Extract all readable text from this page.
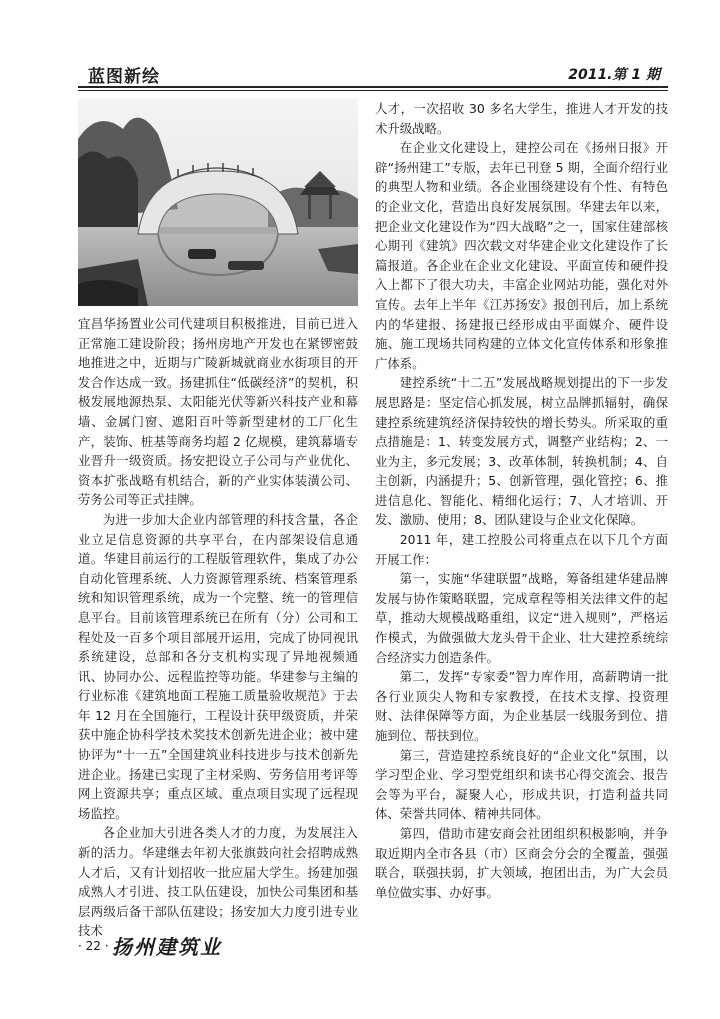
蓝图新绘	2011.第 1 期

宜昌华扬置业公司代建项目积极推进，目前已进入正常施工建设阶段；扬州房地产开发也在紧锣密鼓地推进之中，近期与广陵新城就商业水街项目的开发合作达成一致。扬建抓住“低碳经济”的契机，积极发展地源热泵、太阳能光伏等新兴科技产业和幕墙、金属门窗、遮阳百叶等新型建材的工厂化生产，装饰、桩基等商务均超 2 亿规模，建筑幕墙专业晋升一级资质。扬安把设立子公司与产业优化、资本扩张战略有机结合，新的产业实体装潢公司、劳务公司等正式挂牌。

为进一步加大企业内部管理的科技含量，各企业立足信息资源的共享平台，在内部架设信息通道。华建目前运行的工程版管理软件，集成了办公自动化管理系统、人力资源管理系统、档案管理系统和知识管理系统，成为一个完整、统一的管理信息平台。目前该管理系统已在所有（分）公司和工程处及一百多个项目部展开运用，完成了协同视讯系统建设，总部和各分支机构实现了异地视频通讯、协同办公、远程监控等功能。华建参与主编的行业标准《建筑地面工程施工质量验收规范》于去年 12 月在全国施行，工程设计获甲级资质，并荣获中施企协科学技术奖技术创新先进企业；被中建协评为“十一五”全国建筑业科技进步与技术创新先进企业。扬建已实现了主材采购、劳务信用考评等网上资源共享；重点区域、重点项目实现了远程现场监控。

各企业加大引进各类人才的力度，为发展注入新的活力。华建继去年初大张旗鼓向社会招聘成熟人才后，又有计划招收一批应届大学生。扬建加强成熟人才引进、技工队伍建设，加快公司集团和基层两级后备干部队伍建设；扬安加大力度引进专业技术

人才，一次招收 30 多名大学生，推进人才开发的技术升级战略。

在企业文化建设上，建控公司在《扬州日报》开辟“扬州建工”专版，去年已刊登 5 期，全面介绍行业的典型人物和业绩。各企业围绕建设有个性、有特色的企业文化，营造出良好发展氛围。华建去年以来，把企业文化建设作为“四大战略”之一，国家住建部核心期刊《建筑》四次载文对华建企业文化建设作了长篇报道。各企业在企业文化建设、平面宣传和硬件投入上都下了很大功夫，丰富企业网站功能，强化对外宣传。去年上半年《江苏扬安》报创刊后，加上系统内的华建报、扬建报已经形成由平面媒介、硬件设施、施工现场共同构建的立体文化宣传体系和形象推广体系。

建控系统“十二五”发展战略规划提出的下一步发展思路是：坚定信心抓发展，树立品牌抓辐射，确保建控系统建筑经济保持较快的增长势头。所采取的重点措施是：1、转变发展方式，调整产业结构；2、一业为主，多元发展；3、改革体制，转换机制；4、自主创新，内涵提升；5、创新管理，强化管控；6、推进信息化、智能化、精细化运行；7、人才培训、开发、激励、使用；8、团队建设与企业文化保障。

2011 年，建工控股公司将重点在以下几个方面开展工作：

第一，实施“华建联盟”战略，筹备组建华建品牌发展与协作策略联盟，完成章程等相关法律文件的起草，推动大规模战略重组，议定“进入规则”，严格运作模式，为做强做大龙头骨干企业、壮大建控系统综合经济实力创造条件。

第二，发挥“专家委”智力库作用，高薪聘请一批各行业顶尖人物和专家教授，在技术支撑、投资理财、法律保障等方面，为企业基层一线服务到位、措施到位、帮扶到位。

第三，营造建控系统良好的“企业文化”氛围，以学习型企业、学习型党组织和读书心得交流会、报告会等为平台，凝聚人心，形成共识，打造利益共同体、荣誉共同体、精神共同体。

第四，借助市建安商会社团组织积极影响，并争取近期内全市各县（市）区商会分会的全覆盖，强强联合，联强扶弱，扩大领域，抱团出击，为广大会员单位做实事、办好事。

· 22 · 扬州建筑业
